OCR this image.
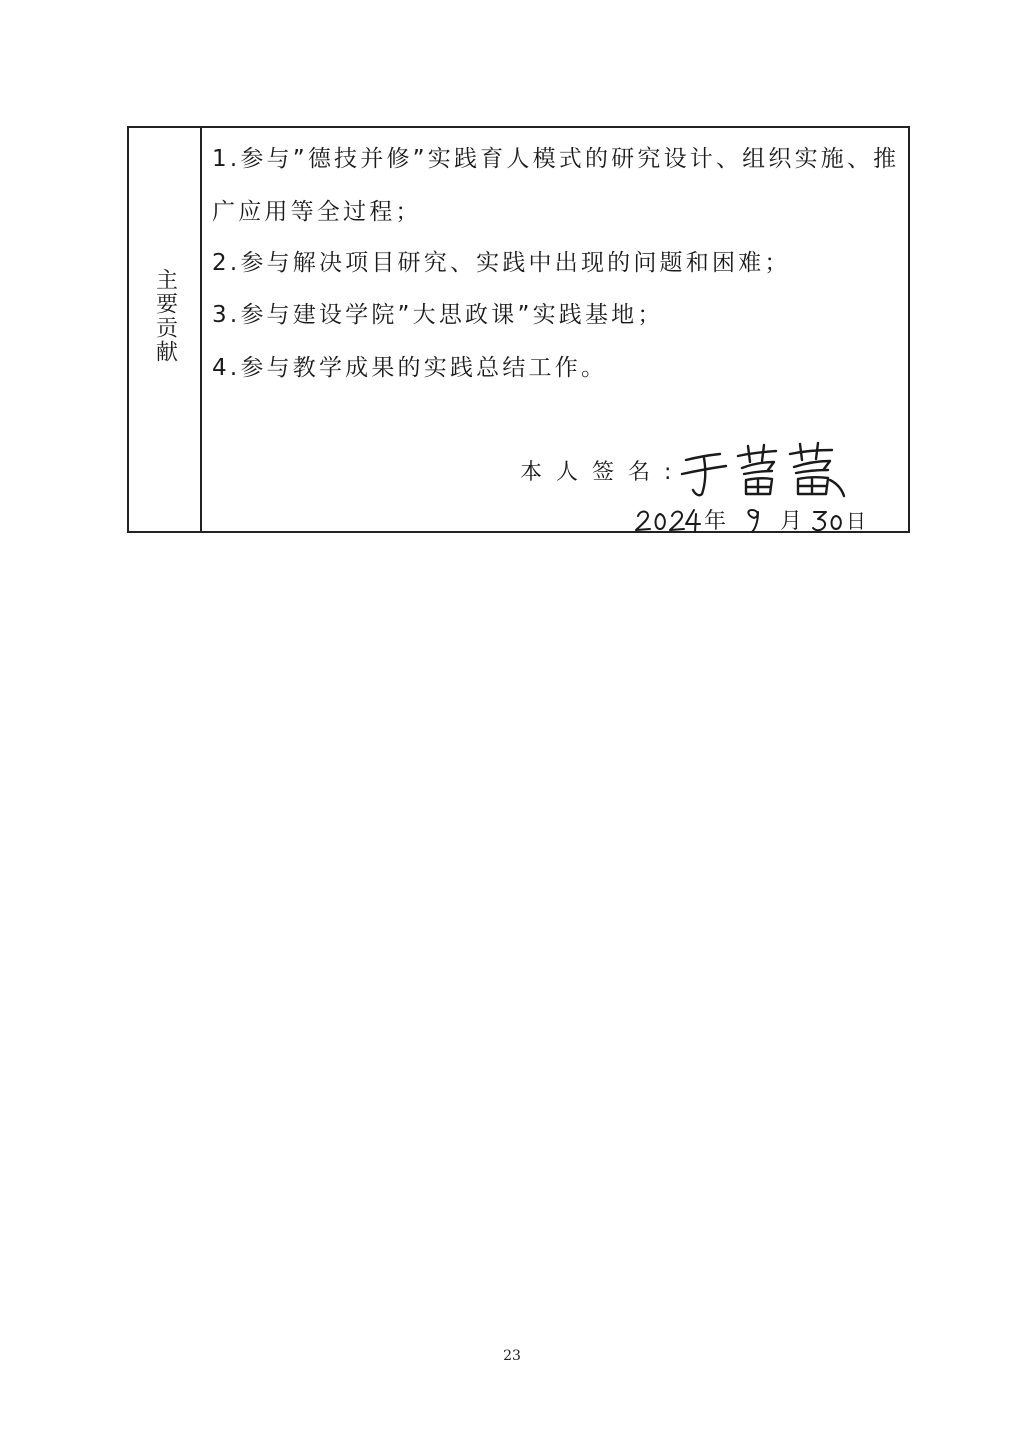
主要贡献
1.参与”德技并修”实践育人模式的研究设计、组织实施、推
广应用等全过程；
2.参与解决项目研究、实践中出现的问题和困难；
3.参与建设学院”大思政课”实践基地；
4.参与教学成果的实践总结工作。
本人签名:
年 月 日
23
